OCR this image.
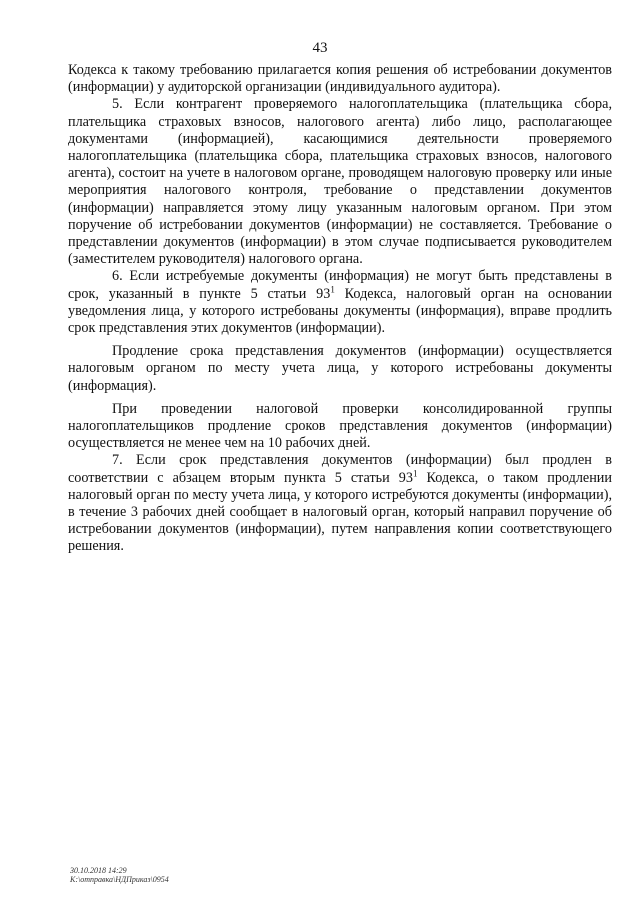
43

Кодекса к такому требованию прилагается копия решения об истребовании документов (информации) у аудиторской организации (индивидуального аудитора).

5. Если контрагент проверяемого налогоплательщика (плательщика сбора, плательщика страховых взносов, налогового агента) либо лицо, располагающее документами (информацией), касающимися деятельности проверяемого налогоплательщика (плательщика сбора, плательщика страховых взносов, налогового агента), состоит на учете в налоговом органе, проводящем налоговую проверку или иные мероприятия налогового контроля, требование о представлении документов (информации) направляется этому лицу указанным налоговым органом. При этом поручение об истребовании документов (информации) не составляется. Требование о представлении документов (информации) в этом случае подписывается руководителем (заместителем руководителя) налогового органа.

6. Если истребуемые документы (информация) не могут быть представлены в срок, указанный в пункте 5 статьи $93^1$ Кодекса, налоговый орган на основании уведомления лица, у которого истребованы документы (информация), вправе продлить срок представления этих документов (информации).

Продление срока представления документов (информации) осуществляется налоговым органом по месту учета лица, у которого истребованы документы (информация).

При проведении налоговой проверки консолидированной группы налогоплательщиков продление сроков представления документов (информации) осуществляется не менее чем на 10 рабочих дней.

7. Если срок представления документов (информации) был продлен в соответствии с абзацем вторым пункта 5 статьи $93^1$ Кодекса, о таком продлении налоговый орган по месту учета лица, у которого истребуются документы (информации), в течение 3 рабочих дней сообщает в налоговый орган, который направил поручение об истребовании документов (информации), путем направления копии соответствующего решения.

30.10.2018 14:29
К:\отправка\НДПриказ\0954
